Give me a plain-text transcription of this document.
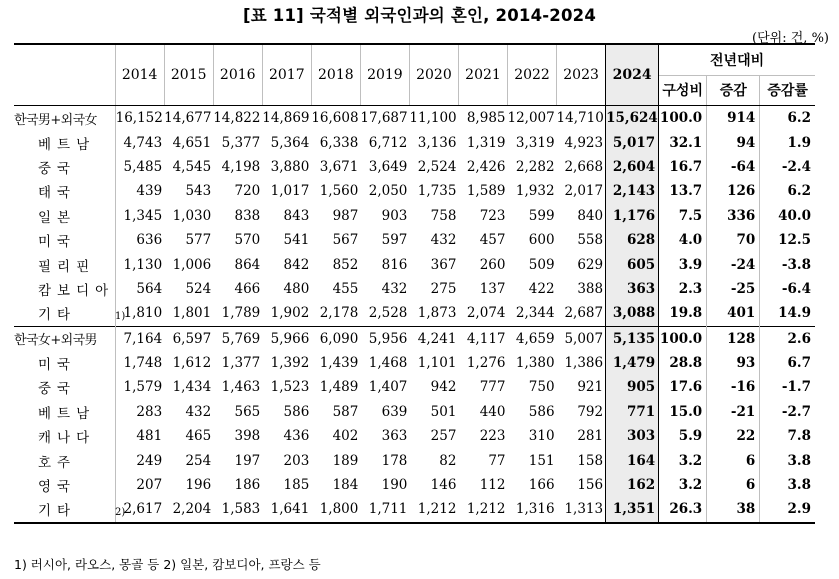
[표 11] 국적별 외국인과의 혼인, 2014-2024
(단위: 건, %)
	2014	2015	2016	2017	2018	2019	2020	2021	2022	2023	2024	전년대비		
												구성비	증감	증감률
한국男+외국女	16,152	14,677	14,822	14,869	16,608	17,687	11,100	8,985	12,007	14,710	15,624	100.0	914	6.2
베트남	4,743	4,651	5,377	5,364	6,338	6,712	3,136	1,319	3,319	4,923	5,017	32.1	94	1.9
중국	5,485	4,545	4,198	3,880	3,671	3,649	2,524	2,426	2,282	2,668	2,604	16.7	-64	-2.4
태국	439	543	720	1,017	1,560	2,050	1,735	1,589	1,932	2,017	2,143	13.7	126	6.2
일본	1,345	1,030	838	843	987	903	758	723	599	840	1,176	7.5	336	40.0
미국	636	577	570	541	567	597	432	457	600	558	628	4.0	70	12.5
필리핀	1,130	1,006	864	842	852	816	367	260	509	629	605	3.9	-24	-3.8
캄보디아	564	524	466	480	455	432	275	137	422	388	363	2.3	-25	-6.4
기타 1)	1,810	1,801	1,789	1,902	2,178	2,528	1,873	2,074	2,344	2,687	3,088	19.8	401	14.9
한국女+외국男	7,164	6,597	5,769	5,966	6,090	5,956	4,241	4,117	4,659	5,007	5,135	100.0	128	2.6
미국	1,748	1,612	1,377	1,392	1,439	1,468	1,101	1,276	1,380	1,386	1,479	28.8	93	6.7
중국	1,579	1,434	1,463	1,523	1,489	1,407	942	777	750	921	905	17.6	-16	-1.7
베트남	283	432	565	586	587	639	501	440	586	792	771	15.0	-21	-2.7
캐나다	481	465	398	436	402	363	257	223	310	281	303	5.9	22	7.8
호주	249	254	197	203	189	178	82	77	151	158	164	3.2	6	3.8
영국	207	196	186	185	184	190	146	112	166	156	162	3.2	6	3.8
기타 2)	2,617	2,204	1,583	1,641	1,800	1,711	1,212	1,212	1,316	1,313	1,351	26.3	38	2.9
1) 러시아, 라오스, 몽골 등 2) 일본, 캄보디아, 프랑스 등
